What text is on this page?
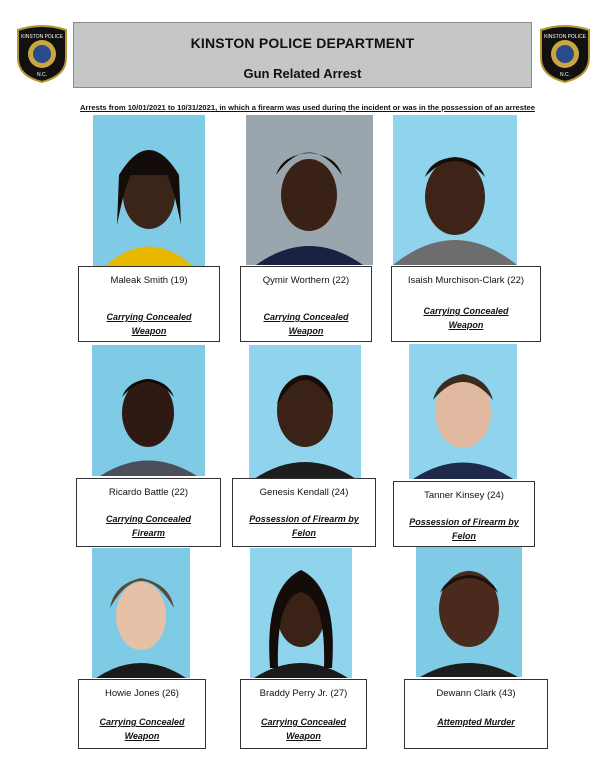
KINSTON POLICE
N.C.
KINSTON POLICE
N.C.
KINSTON POLICE DEPARTMENT
Gun Related Arrest
Arrests from 10/01/2021 to 10/31/2021, in which a firearm was used during the incident or was in the possession of an arrestee
Maleak Smith (19)
Carrying Concealed Weapon
Qymir Worthern (22)
Carrying Concealed Weapon
Isaish Murchison-Clark (22)
Carrying Concealed Weapon
Ricardo Battle (22)
Carrying Concealed Firearm
Genesis Kendall (24)
Possession of Firearm by Felon
Tanner Kinsey (24)
Possession of Firearm by Felon
Howie Jones (26)
Carrying Concealed Weapon
Braddy Perry Jr. (27)
Carrying Concealed Weapon
Dewann Clark (43)
Attempted Murder
